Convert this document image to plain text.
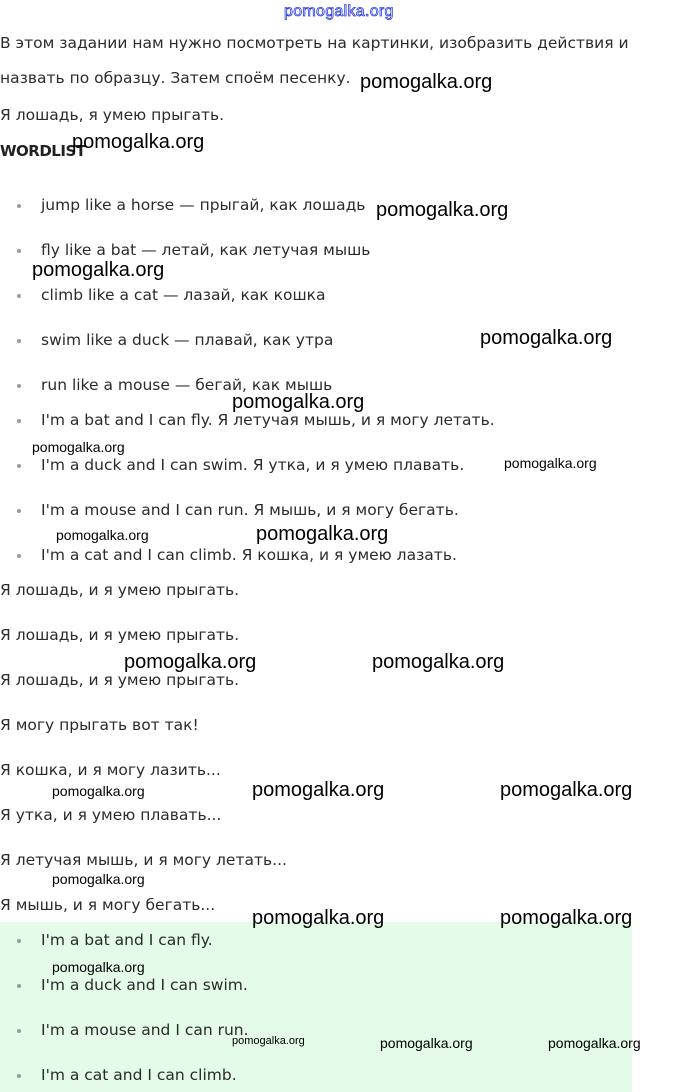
pomogalka.org
В этом задании нам нужно посмотреть на картинки, изобразить действия и назвать по образцу. Затем споём песенку.
Я лошадь, я умею прыгать.
WORDLIST
jump like a horse — прыгай, как лошадь
fly like a bat — летай, как летучая мышь
climb like a cat — лазай, как кошка
swim like a duck — плавай, как утра
run like a mouse — бегай, как мышь
I'm a bat and I can fly. Я летучая мышь, и я могу летать.
I'm a duck and I can swim. Я утка, и я умею плавать.
I'm a mouse and I can run. Я мышь, и я могу бегать.
I'm a cat and I can climb. Я кошка, и я умею лазать.
Я лошадь, и я умею прыгать.
Я лошадь, и я умею прыгать.
Я лошадь, и я умею прыгать.
Я могу прыгать вот так!
Я кошка, и я могу лазить...
Я утка, и я умею плавать...
Я летучая мышь, и я могу летать...
Я мышь, и я могу бегать...
I'm a bat and I can fly.
I'm a duck and I can swim.
I'm a mouse and I can run.
I'm a cat and I can climb.
pomogalka.org
pomogalka.org
pomogalka.org
pomogalka.org
pomogalka.org
pomogalka.org
pomogalka.org
pomogalka.org
pomogalka.org	pomogalka.org
pomogalka.org	pomogalka.org
pomogalka.org	pomogalka.org	pomogalka.org
pomogalka.org
pomogalka.org	pomogalka.org
pomogalka.org
pomogalka.org	pomogalka.org	pomogalka.org
